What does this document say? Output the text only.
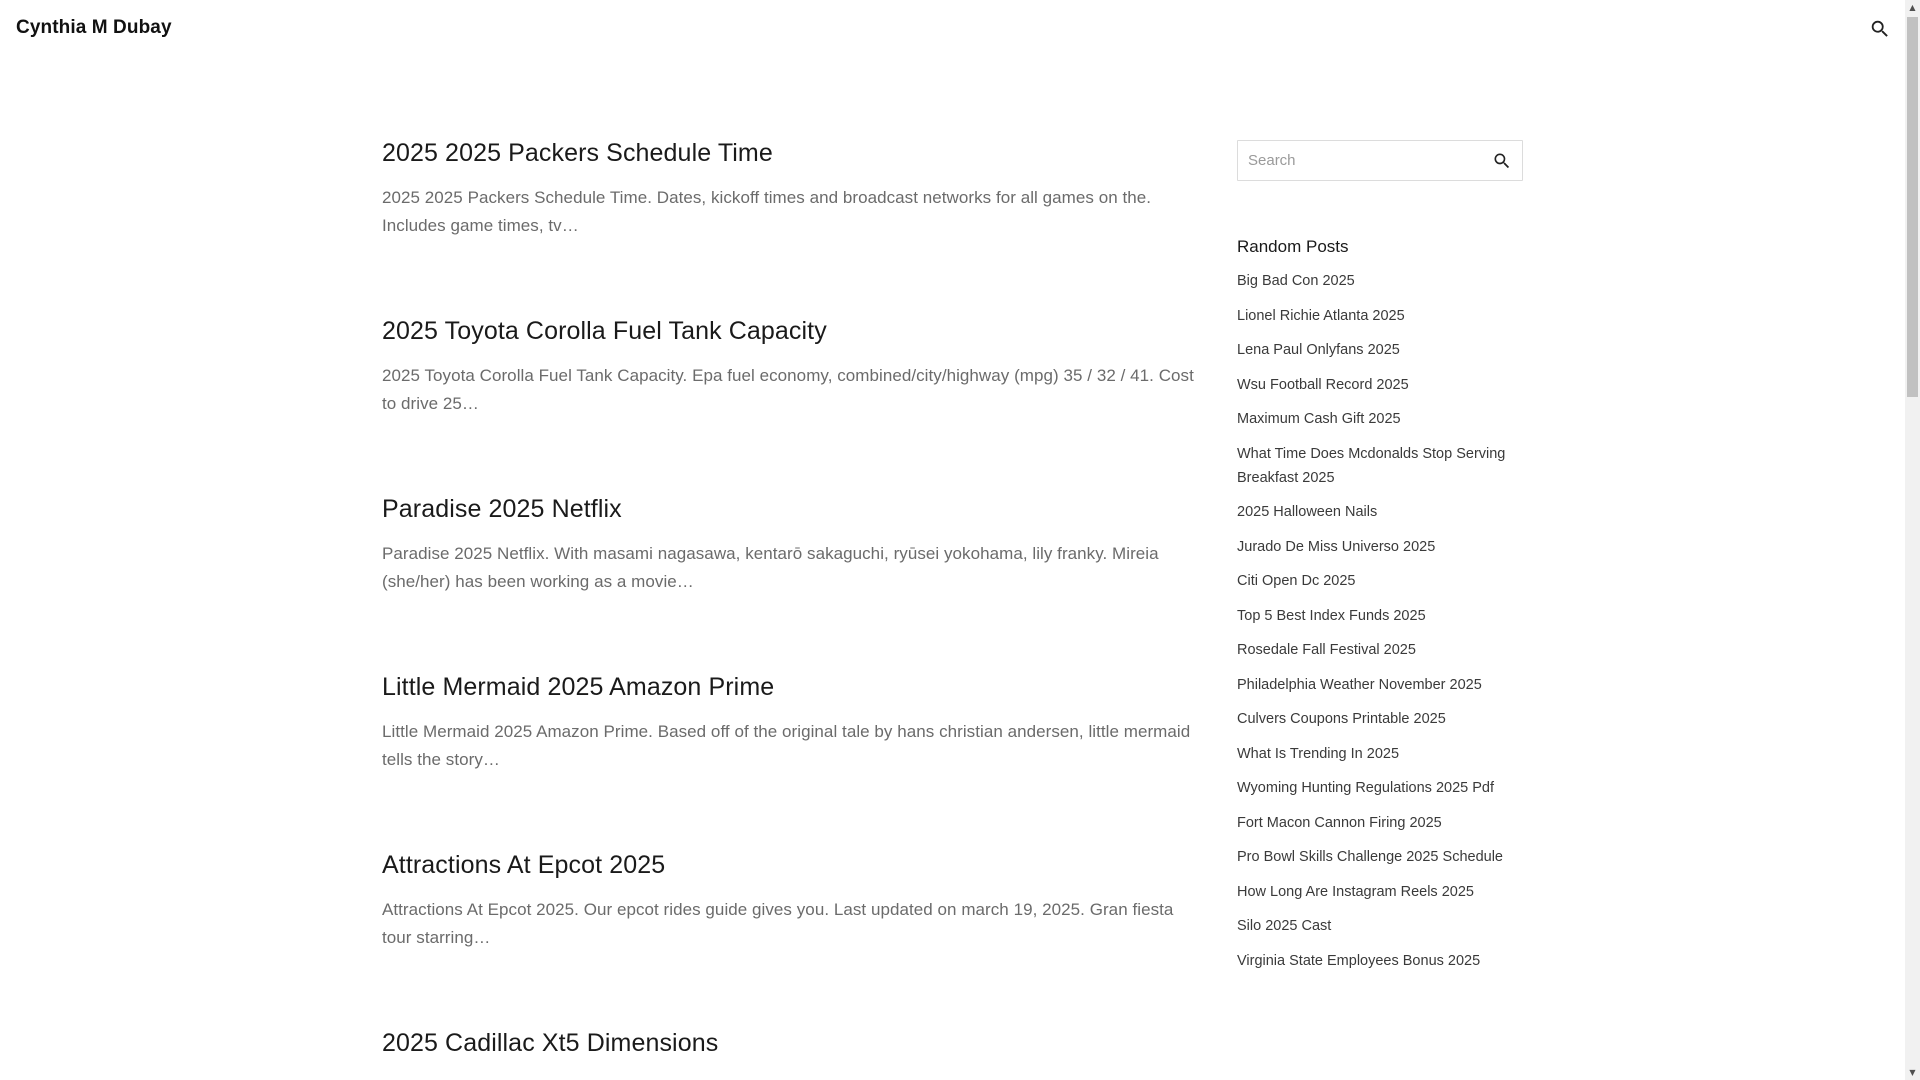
Cynthia M Dubay
2025 2025 Packers Schedule Time

2025 2025 Packers Schedule Time. Dates, kickoff times and broadcast networks for all games on the. Includes game times, tv…

2025 Toyota Corolla Fuel Tank Capacity

2025 Toyota Corolla Fuel Tank Capacity. Epa fuel economy, combined/city/highway (mpg) 35 / 32 / 41. Cost to drive 25…

Paradise 2025 Netflix

Paradise 2025 Netflix. With masami nagasawa, kentarō sakaguchi, ryūsei yokohama, lily franky. Mireia (she/her) has been working as a movie…

Little Mermaid 2025 Amazon Prime

Little Mermaid 2025 Amazon Prime. Based off of the original tale by hans christian andersen, little mermaid tells the story…

Attractions At Epcot 2025

Attractions At Epcot 2025. Our epcot rides guide gives you. Last updated on march 19, 2025. Gran fiesta tour starring…

2025 Cadillac Xt5 Dimensions

Search
Random Posts
Big Bad Con 2025
Lionel Richie Atlanta 2025
Lena Paul Onlyfans 2025
Wsu Football Record 2025
Maximum Cash Gift 2025
What Time Does Mcdonalds Stop Serving Breakfast 2025
2025 Halloween Nails
Jurado De Miss Universo 2025
Citi Open Dc 2025
Top 5 Best Index Funds 2025
Rosedale Fall Festival 2025
Philadelphia Weather November 2025
Culvers Coupons Printable 2025
What Is Trending In 2025
Wyoming Hunting Regulations 2025 Pdf
Fort Macon Cannon Firing 2025
Pro Bowl Skills Challenge 2025 Schedule
How Long Are Instagram Reels 2025
Silo 2025 Cast
Virginia State Employees Bonus 2025
▲
▼
